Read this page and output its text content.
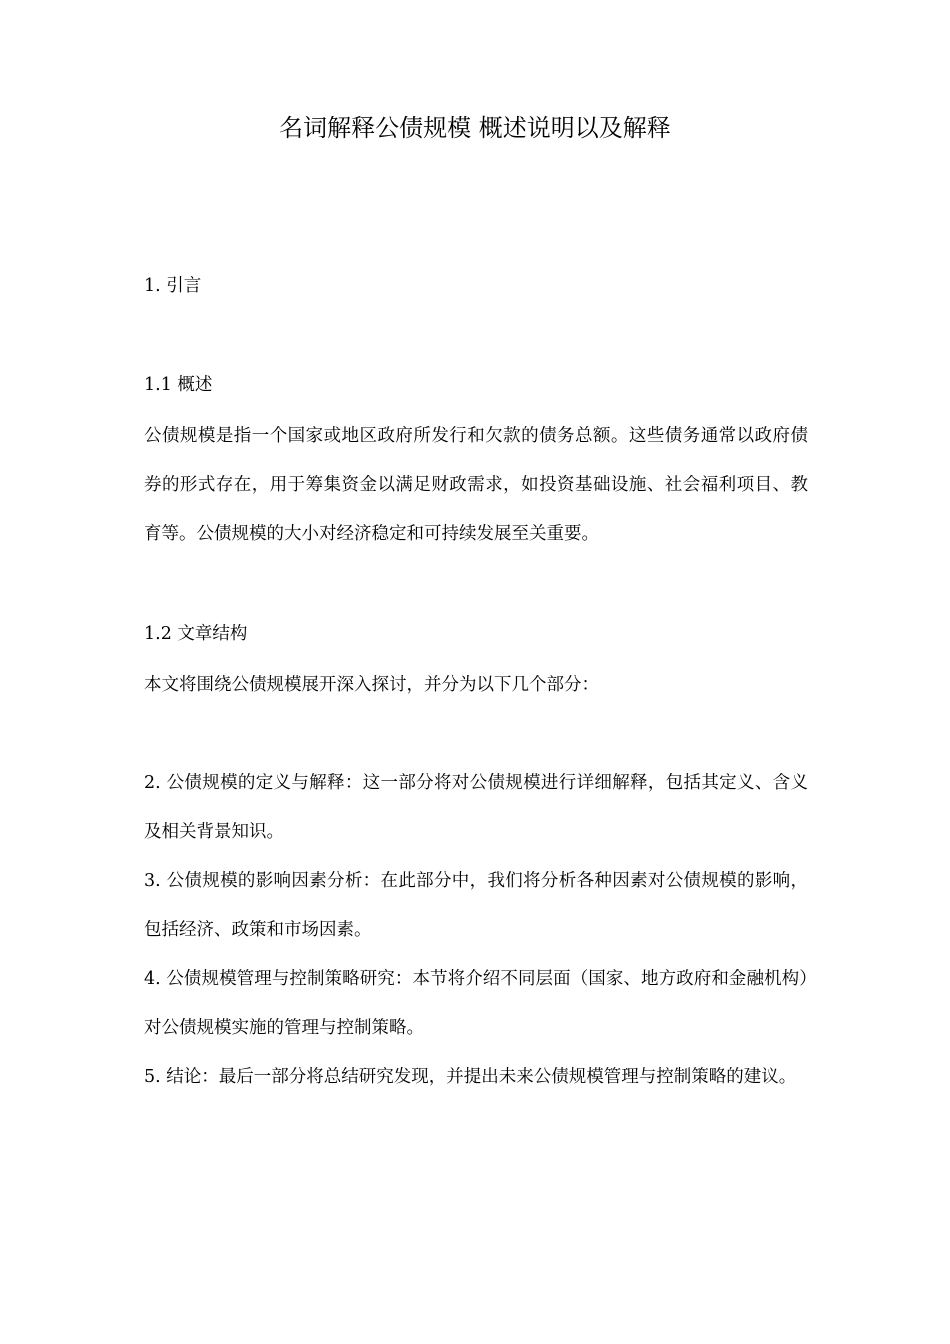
名词解释公债规模 概述说明以及解释
1. 引言
1.1 概述

公债规模是指一个国家或地区政府所发行和欠款的债务总额。这些债务通常以政府债券的形式存在，用于筹集资金以满足财政需求，如投资基础设施、社会福利项目、教育等。公债规模的大小对经济稳定和可持续发展至关重要。

1.2 文章结构

本文将围绕公债规模展开深入探讨，并分为以下几个部分：

2. 公债规模的定义与解释：这一部分将对公债规模进行详细解释，包括其定义、含义及相关背景知识。

3. 公债规模的影响因素分析：在此部分中，我们将分析各种因素对公债规模的影响，包括经济、政策和市场因素。

4. 公债规模管理与控制策略研究：本节将介绍不同层面（国家、地方政府和金融机构）对公债规模实施的管理与控制策略。

5. 结论：最后一部分将总结研究发现，并提出未来公债规模管理与控制策略的建议。
